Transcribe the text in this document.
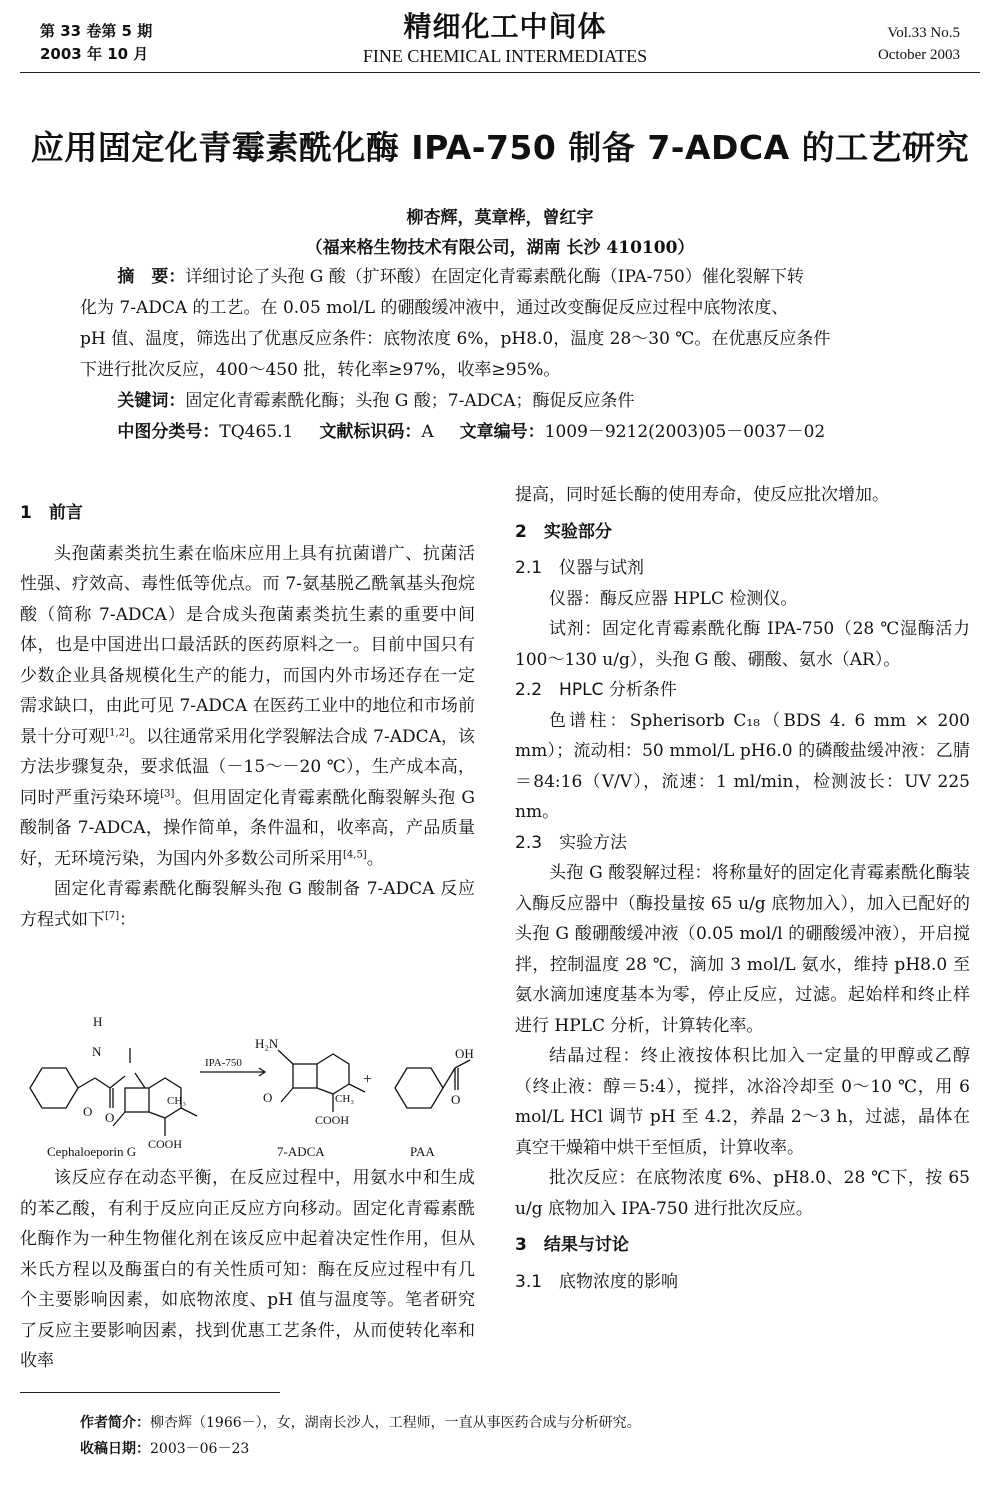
第 33 卷第 5 期
2003 年 10 月
精细化工中间体
FINE CHEMICAL INTERMEDIATES
Vol.33 No.5
October 2003
应用固定化青霉素酰化酶 IPA-750 制备 7-ADCA 的工艺研究
柳杏辉，莫章桦，曾红宇
（福来格生物技术有限公司，湖南 长沙 410100）
摘　要：详细讨论了头孢 G 酸（扩环酸）在固定化青霉素酰化酶（IPA-750）催化裂解下转
化为 7-ADCA 的工艺。在 0.05 mol/L 的硼酸缓冲液中，通过改变酶促反应过程中底物浓度、
pH 值、温度，筛选出了优惠反应条件：底物浓度 6%，pH8.0，温度 28～30 ℃。在优惠反应条件
下进行批次反应，400～450 批，转化率≥97%，收率≥95%。
关键词：固定化青霉素酰化酶；头孢 G 酸；7-ADCA；酶促反应条件
中图分类号：TQ465.1 文献标识码：A 文章编号：1009－9212(2003)05－0037－02

1　前言

头孢菌素类抗生素在临床应用上具有抗菌谱广、抗菌活性强、疗效高、毒性低等优点。而 7-氨基脱乙酰氧基头孢烷酸（简称 7-ADCA）是合成头孢菌素类抗生素的重要中间体，也是中国进出口最活跃的医药原料之一。目前中国只有少数企业具备规模化生产的能力，而国内外市场还存在一定需求缺口，由此可见 7-ADCA 在医药工业中的地位和市场前景十分可观[1,2]。以往通常采用化学裂解法合成 7-ADCA，该方法步骤复杂，要求低温（－15～－20 ℃），生产成本高，同时严重污染环境[3]。但用固定化青霉素酰化酶裂解头孢 G 酸制备 7-ADCA，操作简单，条件温和，收率高，产品质量好，无环境污染，为国内外多数公司所采用[4,5]。

固定化青霉素酰化酶裂解头孢 G 酸制备 7-ADCA 反应方程式如下[7]：

H
N
O
O
CH₃
COOH
IPA-750
H₂N
O	CH₃
COOH
+
OH
O
Cephaloeporin G	7-ADCA	PAA

该反应存在动态平衡，在反应过程中，用氨水中和生成的苯乙酸，有利于反应向正反应方向移动。固定化青霉素酰化酶作为一种生物催化剂在该反应中起着决定性作用，但从米氏方程以及酶蛋白的有关性质可知：酶在反应过程中有几个主要影响因素，如底物浓度、pH 值与温度等。笔者研究了反应主要影响因素，找到优惠工艺条件，从而使转化率和收率

提高，同时延长酶的使用寿命，使反应批次增加。

2　实验部分

2.1　仪器与试剂

仪器：酶反应器 HPLC 检测仪。

试剂：固定化青霉素酰化酶 IPA-750（28 ℃湿酶活力 100～130 u/g），头孢 G 酸、硼酸、氨水（AR）。

2.2　HPLC 分析条件

色谱柱：Spherisorb C₁₈（BDS 4. 6 mm × 200 mm）；流动相：50 mmol/L pH6.0 的磷酸盐缓冲液：乙腈＝84:16（V/V），流速：1 ml/min，检测波长：UV 225 nm。

2.3　实验方法

头孢 G 酸裂解过程：将称量好的固定化青霉素酰化酶装入酶反应器中（酶投量按 65 u/g 底物加入），加入已配好的头孢 G 酸硼酸缓冲液（0.05 mol/l 的硼酸缓冲液），开启搅拌，控制温度 28 ℃，滴加 3 mol/L 氨水，维持 pH8.0 至氨水滴加速度基本为零，停止反应，过滤。起始样和终止样进行 HPLC 分析，计算转化率。

结晶过程：终止液按体积比加入一定量的甲醇或乙醇（终止液：醇＝5:4），搅拌，冰浴冷却至 0～10 ℃，用 6 mol/L HCl 调节 pH 至 4.2，养晶 2～3 h，过滤，晶体在真空干燥箱中烘干至恒质，计算收率。

批次反应：在底物浓度 6%、pH8.0、28 ℃下，按 65 u/g 底物加入 IPA-750 进行批次反应。

3　结果与讨论

3.1　底物浓度的影响

作者简介：柳杏辉（1966－），女，湖南长沙人，工程师，一直从事医药合成与分析研究。
收稿日期：2003－06－23
